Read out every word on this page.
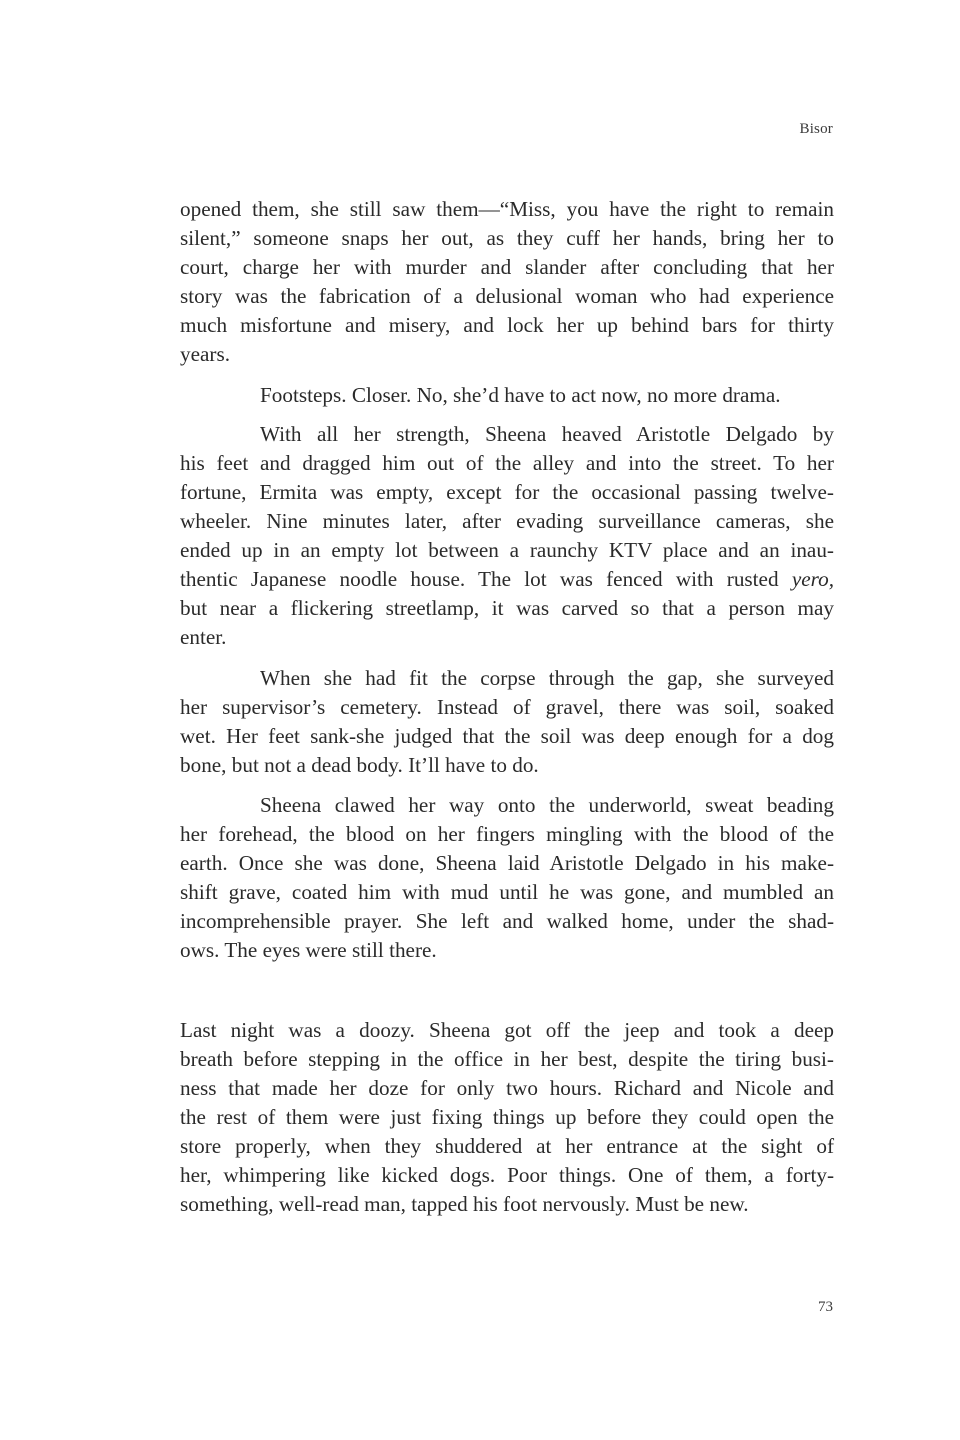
Bisor
opened them, she still saw them—“Miss, you have the right to remain
silent,” someone snaps her out, as they cuff her hands, bring her to
court, charge her with murder and slander after concluding that her
story was the fabrication of a delusional woman who had experience
much misfortune and misery, and lock her up behind bars for thirty
years.
Footsteps. Closer. No, she’d have to act now, no more drama.
With all her strength, Sheena heaved Aristotle Delgado by
his feet and dragged him out of the alley and into the street. To her
fortune, Ermita was empty, except for the occasional passing twelve-
wheeler. Nine minutes later, after evading surveillance cameras, she
ended up in an empty lot between a raunchy KTV place and an inau-
thentic Japanese noodle house. The lot was fenced with rusted yero,
but near a flickering streetlamp, it was carved so that a person may
enter.
When she had fit the corpse through the gap, she surveyed
her supervisor’s cemetery. Instead of gravel, there was soil, soaked
wet. Her feet sank-she judged that the soil was deep enough for a dog
bone, but not a dead body. It’ll have to do.
Sheena clawed her way onto the underworld, sweat beading
her forehead, the blood on her fingers mingling with the blood of the
earth. Once she was done, Sheena laid Aristotle Delgado in his make-
shift grave, coated him with mud until he was gone, and mumbled an
incomprehensible prayer. She left and walked home, under the shad-
ows. The eyes were still there.
Last night was a doozy. Sheena got off the jeep and took a deep
breath before stepping in the office in her best, despite the tiring busi-
ness that made her doze for only two hours. Richard and Nicole and
the rest of them were just fixing things up before they could open the
store properly, when they shuddered at her entrance at the sight of
her, whimpering like kicked dogs. Poor things. One of them, a forty-
something, well-read man, tapped his foot nervously. Must be new.
73
